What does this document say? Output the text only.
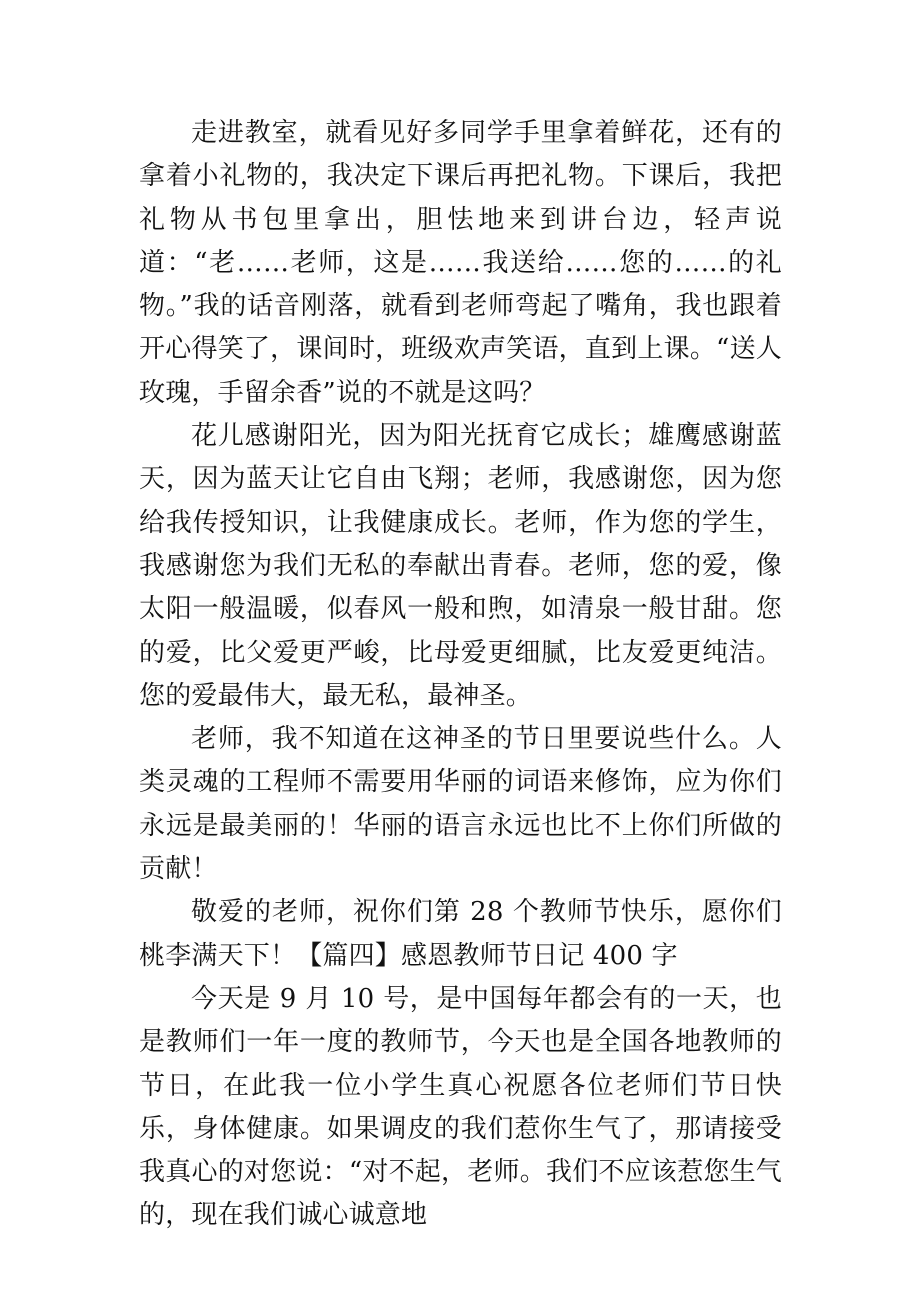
走进教室，就看见好多同学手里拿着鲜花，还有的拿着小礼物的，我决定下课后再把礼物。下课后，我把礼物从书包里拿出，胆怯地来到讲台边，轻声说道：“老……老师，这是……我送给……您的……的礼物。”我的话音刚落，就看到老师弯起了嘴角，我也跟着开心得笑了，课间时，班级欢声笑语，直到上课。“送人玫瑰，手留余香”说的不就是这吗？

花儿感谢阳光，因为阳光抚育它成长；雄鹰感谢蓝天，因为蓝天让它自由飞翔；老师，我感谢您，因为您给我传授知识，让我健康成长。老师，作为您的学生，我感谢您为我们无私的奉献出青春。老师，您的爱，像太阳一般温暖，似春风一般和煦，如清泉一般甘甜。您的爱，比父爱更严峻，比母爱更细腻，比友爱更纯洁。您的爱最伟大，最无私，最神圣。

老师，我不知道在这神圣的节日里要说些什么。人类灵魂的工程师不需要用华丽的词语来修饰，应为你们永远是最美丽的！华丽的语言永远也比不上你们所做的贡献！

敬爱的老师，祝你们第 28 个教师节快乐，愿你们桃李满天下！【篇四】感恩教师节日记 400 字

今天是 9 月 10 号，是中国每年都会有的一天，也是教师们一年一度的教师节，今天也是全国各地教师的节日，在此我一位小学生真心祝愿各位老师们节日快乐，身体健康。如果调皮的我们惹你生气了，那请接受我真心的对您说：“对不起，老师。我们不应该惹您生气的，现在我们诚心诚意地
